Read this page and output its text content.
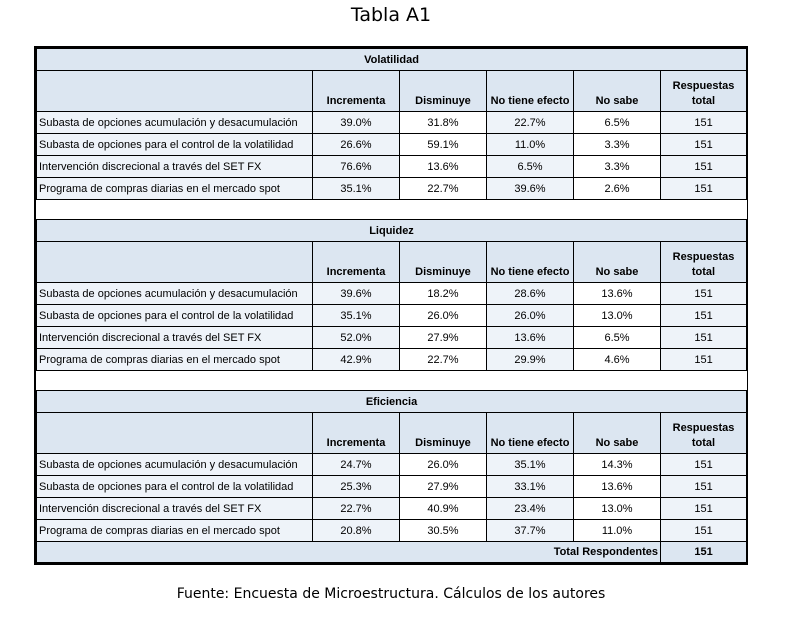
Tabla A1
Volatilidad					
	Incrementa	Disminuye	No tiene efecto	No sabe	Respuestas
total

Subasta de opciones acumulación y desacumulación	39.0%	31.8%	22.7%	6.5%	151
Subasta de opciones para el control de la volatilidad	26.6%	59.1%	11.0%	3.3%	151
Intervención discrecional a través del SET FX	76.6%	13.6%	6.5%	3.3%	151
Programa de compras diarias en el mercado spot	35.1%	22.7%	39.6%	2.6%	151

Liquidez					
	Incrementa	Disminuye	No tiene efecto	No sabe	Respuestas
total

Subasta de opciones acumulación y desacumulación	39.6%	18.2%	28.6%	13.6%	151
Subasta de opciones para el control de la volatilidad	35.1%	26.0%	26.0%	13.0%	151
Intervención discrecional a través del SET FX	52.0%	27.9%	13.6%	6.5%	151
Programa de compras diarias en el mercado spot	42.9%	22.7%	29.9%	4.6%	151

Eficiencia					
	Incrementa	Disminuye	No tiene efecto	No sabe	Respuestas
total

Subasta de opciones acumulación y desacumulación	24.7%	26.0%	35.1%	14.3%	151
Subasta de opciones para el control de la volatilidad	25.3%	27.9%	33.1%	13.6%	151
Intervención discrecional a través del SET FX	22.7%	40.9%	23.4%	13.0%	151
Programa de compras diarias en el mercado spot	20.8%	30.5%	37.7%	11.0%	151
Total Respondentes					151
Fuente: Encuesta de Microestructura. Cálculos de los autores
